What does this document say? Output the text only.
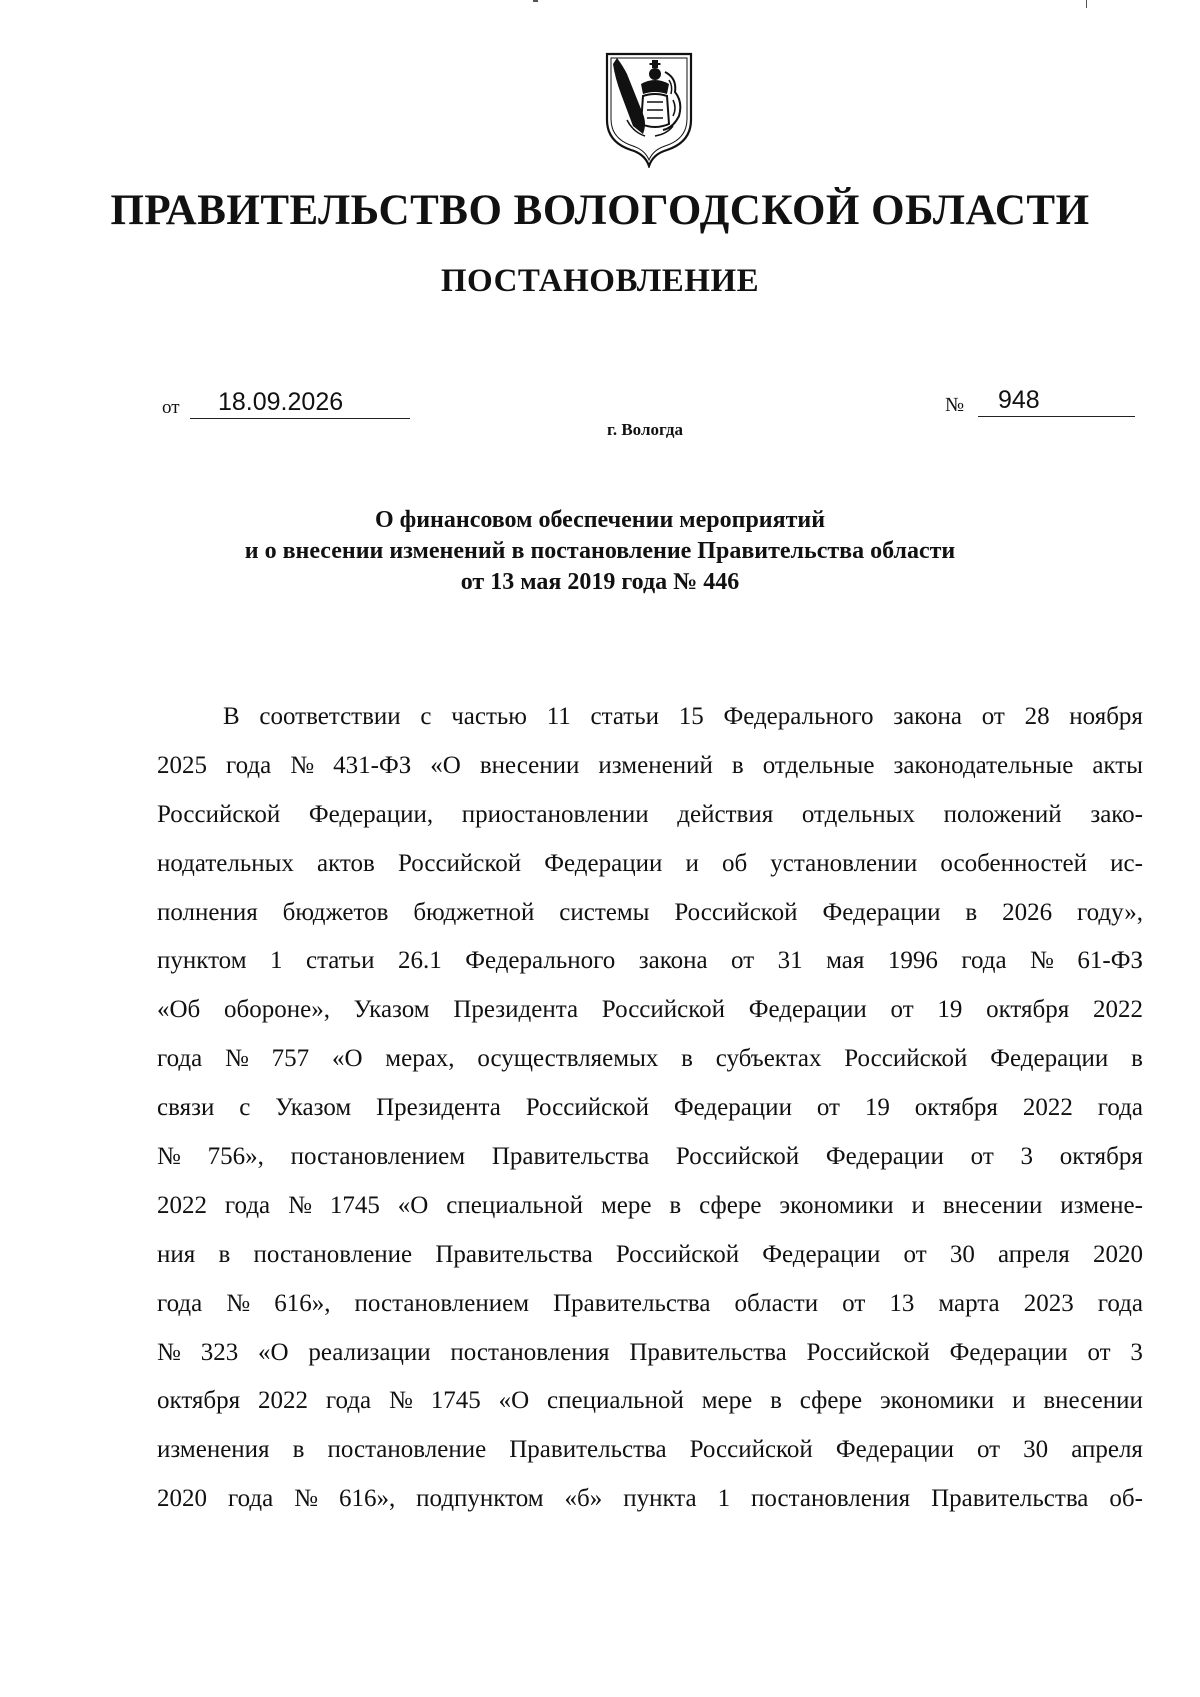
ПРАВИТЕЛЬСТВО ВОЛОГОДСКОЙ ОБЛАСТИ
ПОСТАНОВЛЕНИЕ
от 18.09.2026	№ 948
г. Вологда
О финансовом обеспечении мероприятий
и о внесении изменений в постановление Правительства области
от 13 мая 2019 года № 446
В соответствии с частью 11 статьи 15 Федерального закона от 28 ноября
2025 года № 431-ФЗ «О внесении изменений в отдельные законодательные акты
Российской Федерации, приостановлении действия отдельных положений зако-
нодательных актов Российской Федерации и об установлении особенностей ис-
полнения бюджетов бюджетной системы Российской Федерации в 2026 году»,
пунктом 1 статьи 26.1 Федерального закона от 31 мая 1996 года № 61-ФЗ
«Об обороне», Указом Президента Российской Федерации от 19 октября 2022
года № 757 «О мерах, осуществляемых в субъектах Российской Федерации в
связи с Указом Президента Российской Федерации от 19 октября 2022 года
№ 756», постановлением Правительства Российской Федерации от 3 октября
2022 года № 1745 «О специальной мере в сфере экономики и внесении измене-
ния в постановление Правительства Российской Федерации от 30 апреля 2020
года № 616», постановлением Правительства области от 13 марта 2023 года
№ 323 «О реализации постановления Правительства Российской Федерации от 3
октября 2022 года № 1745 «О специальной мере в сфере экономики и внесении
изменения в постановление Правительства Российской Федерации от 30 апреля
2020 года № 616», подпунктом «б» пункта 1 постановления Правительства об-
